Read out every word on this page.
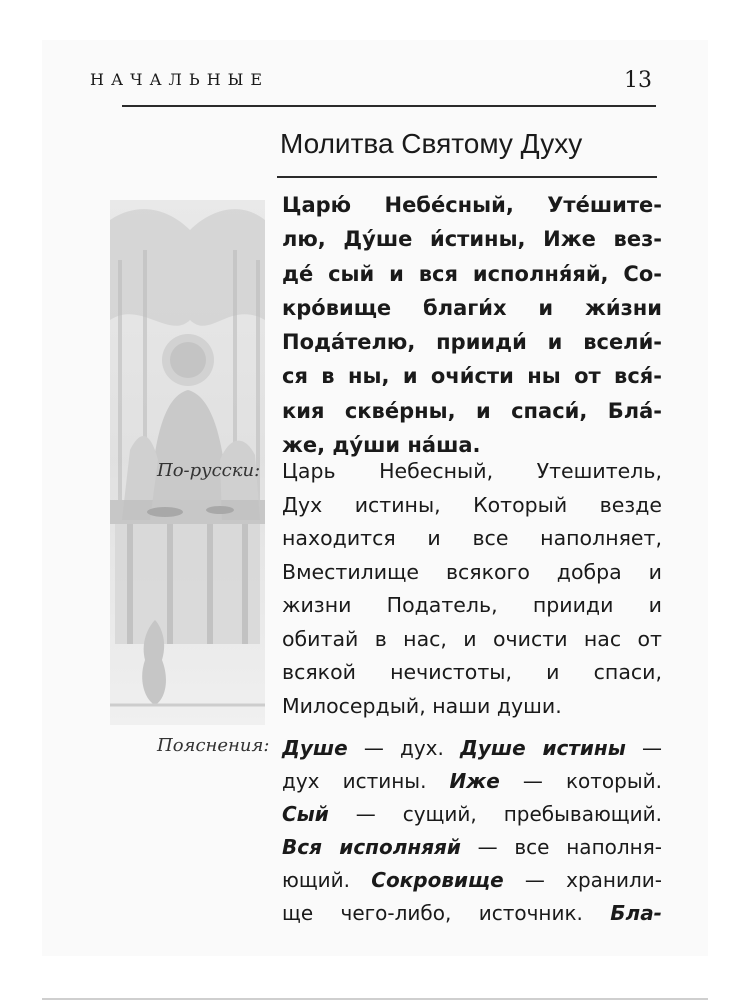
НАЧАЛЬНЫЕ	13
Молитва Святому Духу
Царю́ Небе́сный, Уте́шите-
лю, Ду́ше и́стины, Иже вез-
де́ сый и вся исполня́яй, Со-
кро́вище благи́х и жи́зни
Пода́телю, прииди́ и всели́-
ся в ны, и очи́сти ны от вся́-
кия скве́рны, и спаси́, Бла́-
же, ду́ши на́ша.
По-русски: Царь Небесный, Утешитель,
Дух истины, Который везде
находится и все наполняет,
Вместилище всякого добра и
жизни Податель, прииди и
обитай в нас, и очисти нас от
всякой нечистоты, и спаси,
Милосердый, наши души.
Пояснения: Душе — дух. Душе истины —
дух истины. Иже — который.
Сый — сущий, пребывающий.
Вся исполняяй — все наполня-
ющий. Сокровище — хранили-
ще чего-либо, источник. Бла-
